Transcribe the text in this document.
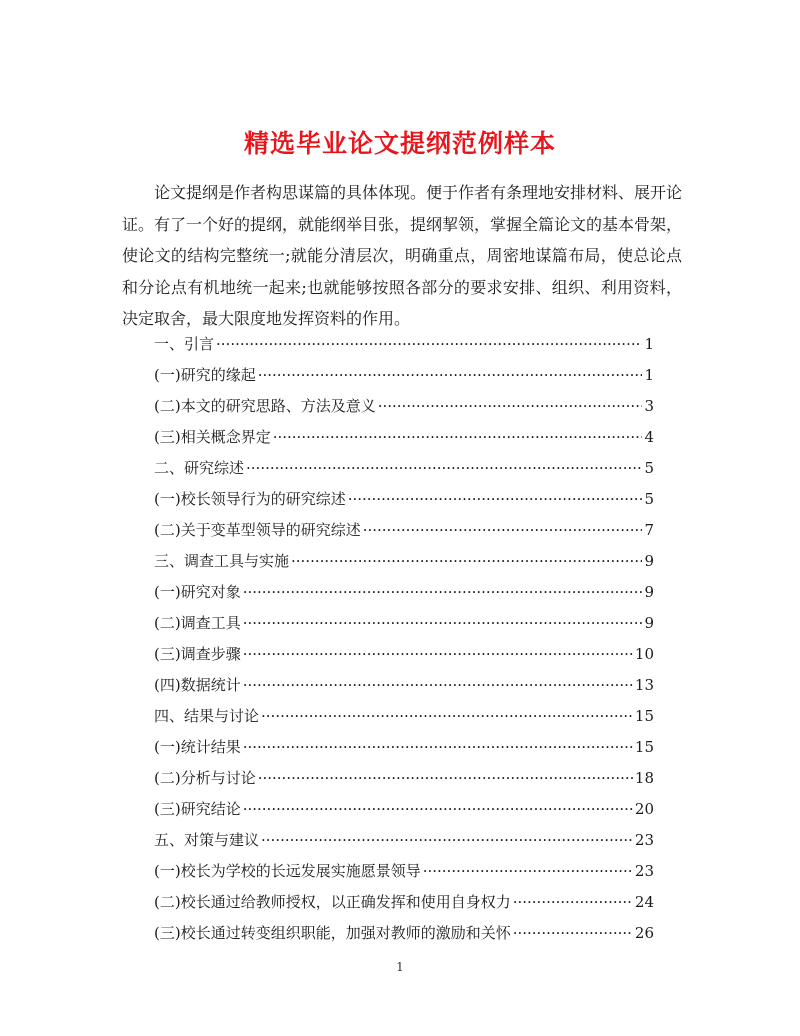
精选毕业论文提纲范例样本

论文提纲是作者构思谋篇的具体体现。便于作者有条理地安排材料、展开论证。有了一个好的提纲，就能纲举目张，提纲挈领，掌握全篇论文的基本骨架，使论文的结构完整统一;就能分清层次，明确重点，周密地谋篇布局，使总论点和分论点有机地统一起来;也就能够按照各部分的要求安排、组织、利用资料，决定取舍，最大限度地发挥资料的作用。

一、引言 ·····	1
(一)研究的缘起 ·····	1
(二)本文的研究思路、方法及意义 ·····	3
(三)相关概念界定 ·····	4
二、研究综述 ·····	5
(一)校长领导行为的研究综述 ·····	5
(二)关于变革型领导的研究综述 ·····	7
三、调查工具与实施 ·····	9
(一)研究对象 ·····	9
(二)调查工具 ·····	9
(三)调查步骤 ·····	10
(四)数据统计 ·····	13
四、结果与讨论 ·····	15
(一)统计结果 ·····	15
(二)分析与讨论 ·····	18
(三)研究结论 ·····	20
五、对策与建议 ·····	23
(一)校长为学校的长远发展实施愿景领导 ·····	23
(二)校长通过给教师授权，以正确发挥和使用自身权力 ·····	24
(三)校长通过转变组织职能，加强对教师的激励和关怀 ·····	26
1
